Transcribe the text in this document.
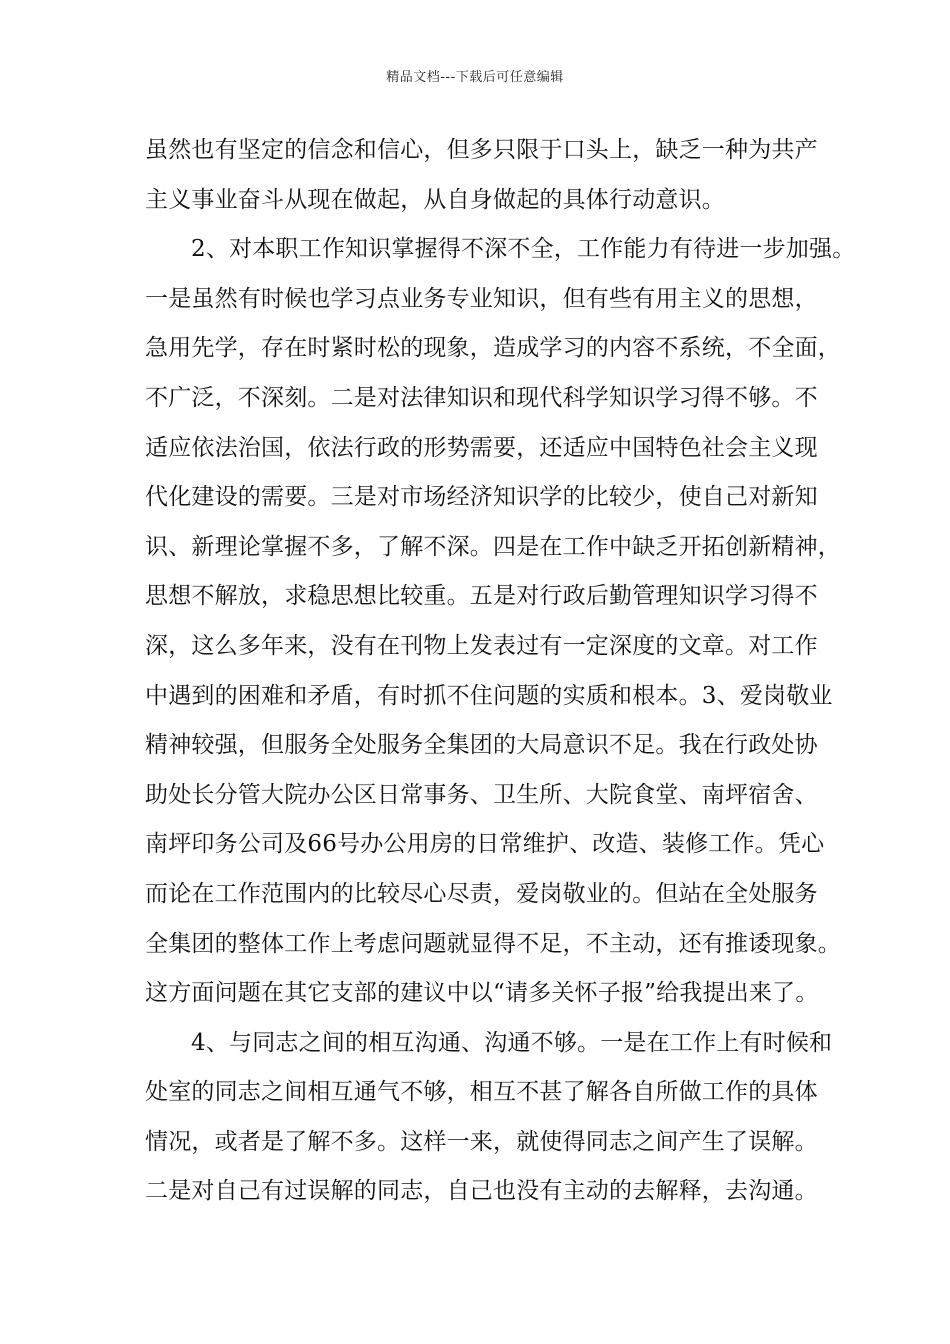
精品文档---下载后可任意编辑
虽然也有坚定的信念和信心，但多只限于口头上，缺乏一种为共产
主义事业奋斗从现在做起，从自身做起的具体行动意识。
2、对本职工作知识掌握得不深不全，工作能力有待进一步加强。
一是虽然有时候也学习点业务专业知识，但有些有用主义的思想，
急用先学，存在时紧时松的现象，造成学习的内容不系统，不全面，
不广泛，不深刻。二是对法律知识和现代科学知识学习得不够。不
适应依法治国，依法行政的形势需要，还适应中国特色社会主义现
代化建设的需要。三是对市场经济知识学的比较少，使自己对新知
识、新理论掌握不多，了解不深。四是在工作中缺乏开拓创新精神，
思想不解放，求稳思想比较重。五是对行政后勤管理知识学习得不
深，这么多年来，没有在刊物上发表过有一定深度的文章。对工作
中遇到的困难和矛盾，有时抓不住问题的实质和根本。3、爱岗敬业
精神较强，但服务全处服务全集团的大局意识不足。我在行政处协
助处长分管大院办公区日常事务、卫生所、大院食堂、南坪宿舍、
南坪印务公司及66号办公用房的日常维护、改造、装修工作。凭心
而论在工作范围内的比较尽心尽责，爱岗敬业的。但站在全处服务
全集团的整体工作上考虑问题就显得不足，不主动，还有推诿现象。
这方面问题在其它支部的建议中以“请多关怀子报”给我提出来了。
4、与同志之间的相互沟通、沟通不够。一是在工作上有时候和
处室的同志之间相互通气不够，相互不甚了解各自所做工作的具体
情况，或者是了解不多。这样一来，就使得同志之间产生了误解。
二是对自己有过误解的同志，自己也没有主动的去解释，去沟通。
